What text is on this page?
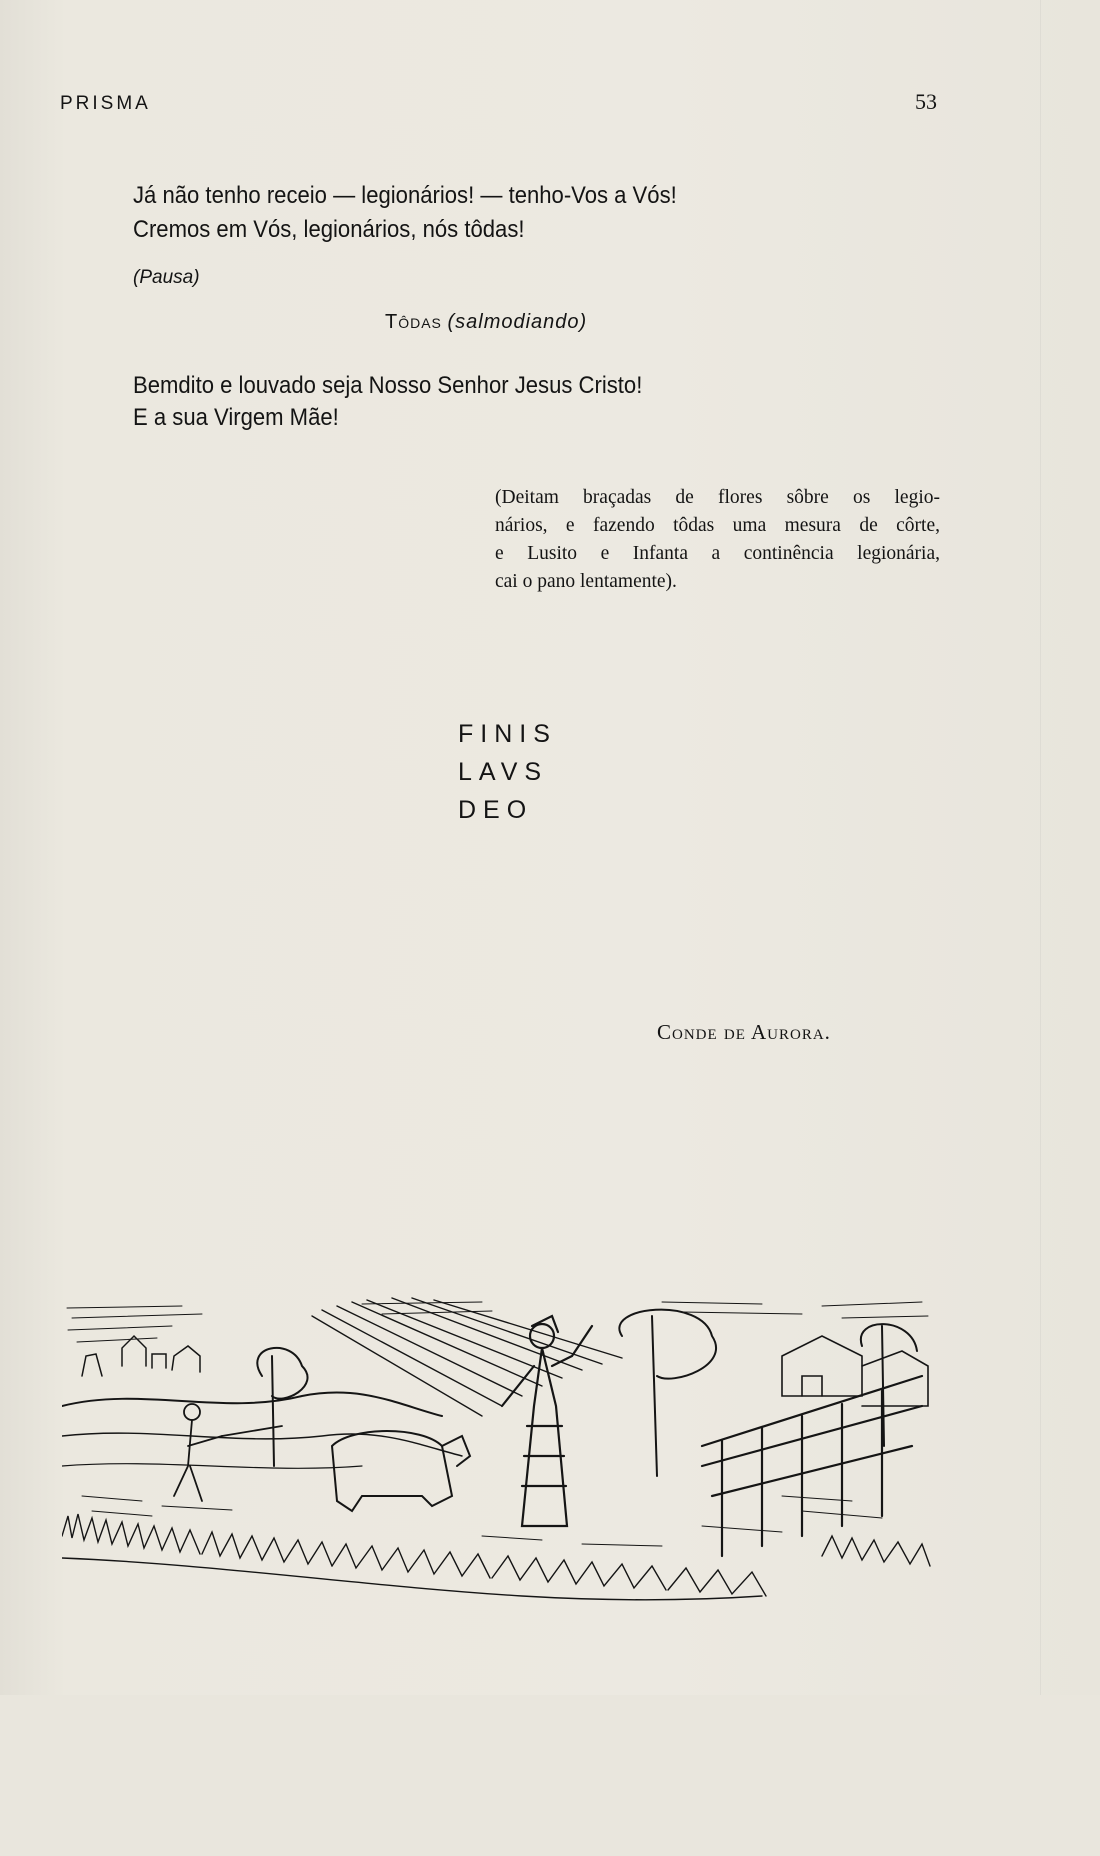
PRISMA	53
Já não tenho receio — legionários! — tenho-Vos a Vós!
Cremos em Vós, legionários, nós tôdas!
(Pausa)
Tôdas (salmodiando)
Bemdito e louvado seja Nosso Senhor Jesus Cristo!
E a sua Virgem Mãe!
(Deitam braçadas de flores sôbre os legio-
nários, e fazendo tôdas uma mesura de côrte,
e Lusito e Infanta a continência legionária,
cai o pano lentamente).
FINIS
LAVS
DEO
Conde de Aurora.
